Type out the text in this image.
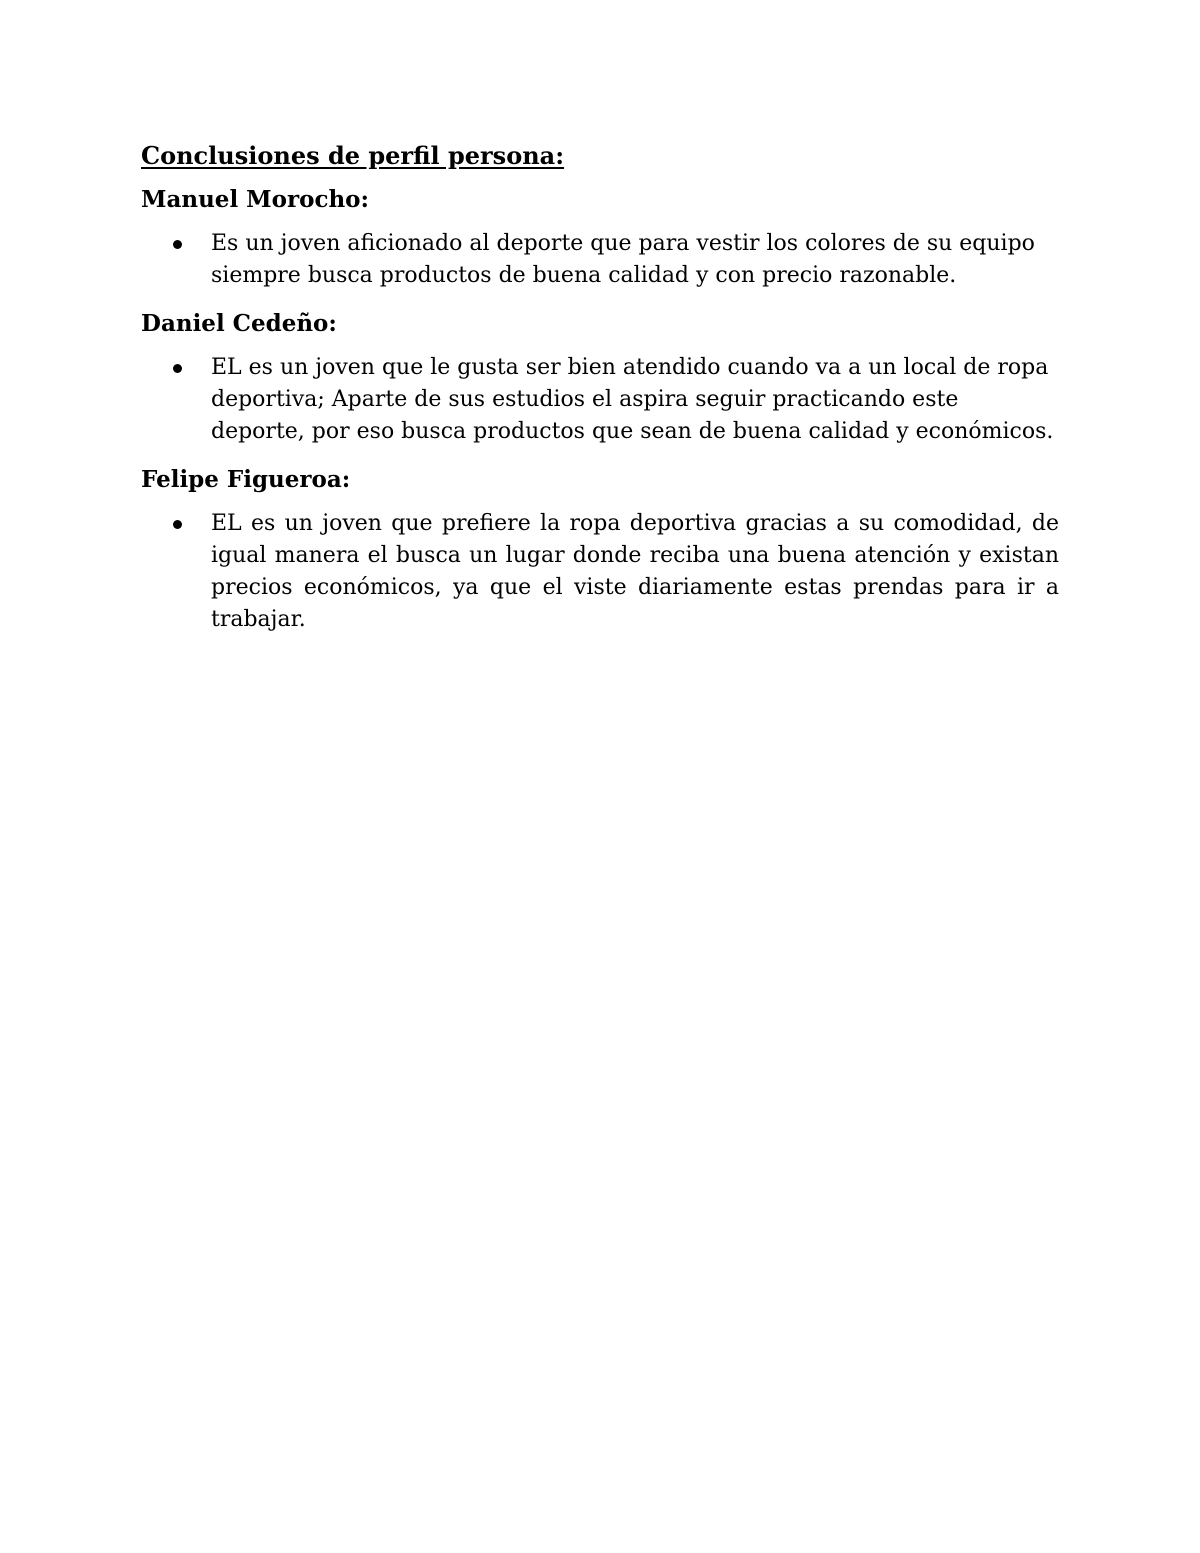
Conclusiones de perfil persona:
Manuel Morocho:
Es un joven aficionado al deporte que para vestir los colores de su equipo siempre busca productos de buena calidad y con precio razonable.
Daniel Cedeño:
EL es un joven que le gusta ser bien atendido cuando va a un local de ropa deportiva; Aparte de sus estudios el aspira seguir practicando este deporte, por eso busca productos que sean de buena calidad y económicos.
Felipe Figueroa:
EL es un joven que prefiere la ropa deportiva gracias a su comodidad, de igual manera el busca un lugar donde reciba una buena atención y existan precios económicos, ya que el viste diariamente estas prendas para ir a trabajar.
